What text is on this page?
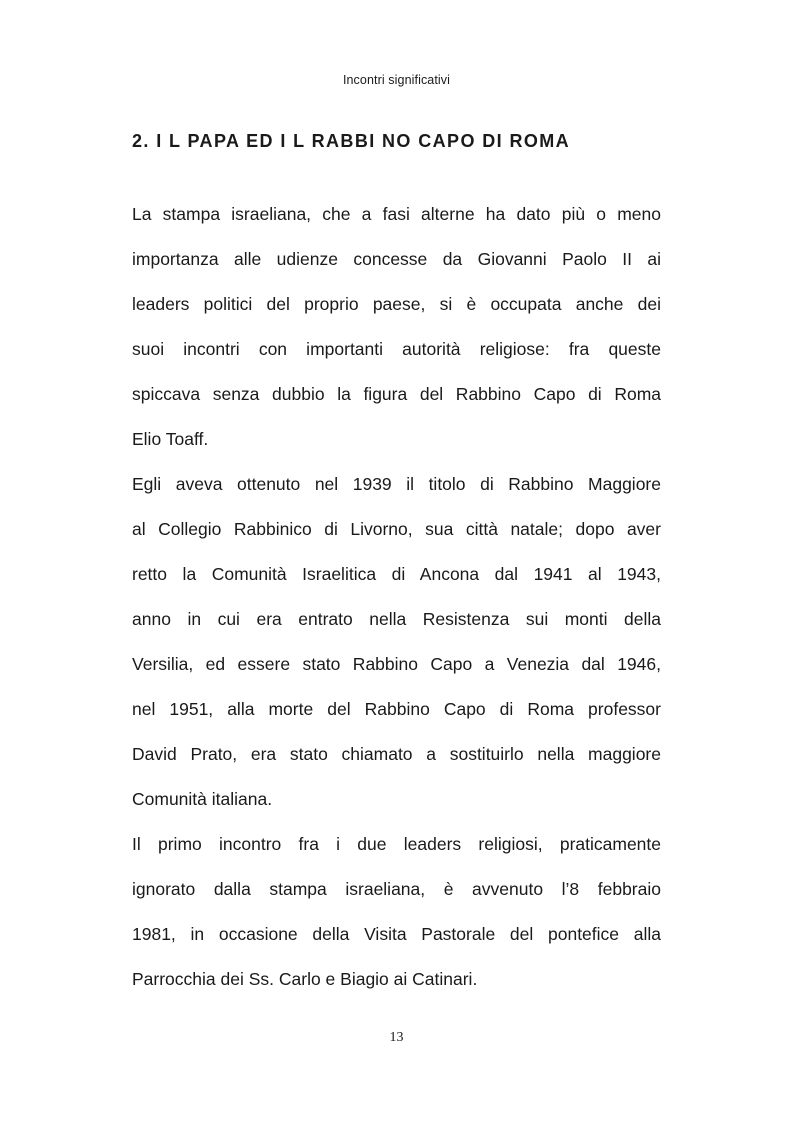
Incontri significativi
2. I L PAPA ED I L RABBI NO CAPO DI ROMA
La stampa israeliana, che a fasi alterne ha dato più o meno
importanza alle udienze concesse da Giovanni Paolo II ai
leaders politici del proprio paese, si è occupata anche dei
suoi incontri con importanti autorità religiose: fra queste
spiccava senza dubbio la figura del Rabbino Capo di Roma
Elio Toaff.
Egli aveva ottenuto nel 1939 il titolo di Rabbino Maggiore
al Collegio Rabbinico di Livorno, sua città natale; dopo aver
retto la Comunità Israelitica di Ancona dal 1941 al 1943,
anno in cui era entrato nella Resistenza sui monti della
Versilia, ed essere stato Rabbino Capo a Venezia dal 1946,
nel 1951, alla morte del Rabbino Capo di Roma professor
David Prato, era stato chiamato a sostituirlo nella maggiore
Comunità italiana.
Il primo incontro fra i due leaders religiosi, praticamente
ignorato dalla stampa israeliana, è avvenuto l’8 febbraio
1981, in occasione della Visita Pastorale del pontefice alla
Parrocchia dei Ss. Carlo e Biagio ai Catinari.
13
